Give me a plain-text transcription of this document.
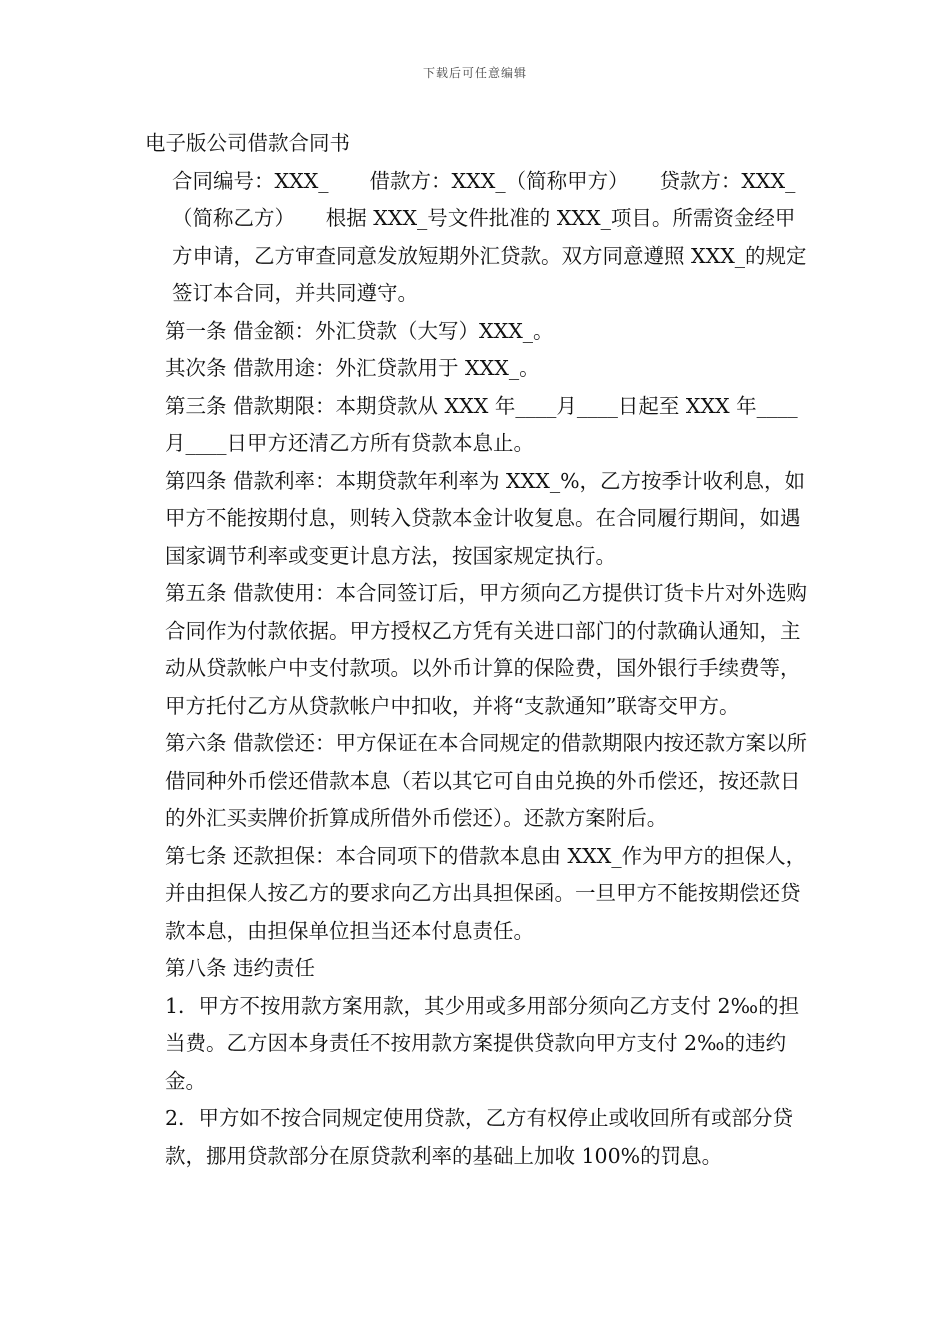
下载后可任意编辑

电子版公司借款合同书

合同编号：XXX_　　借款方：XXX_（简称甲方）　　贷款方：XXX_（简称乙方）　　根据 XXX_号文件批准的 XXX_项目。所需资金经甲方申请，乙方审查同意发放短期外汇贷款。双方同意遵照 XXX_的规定签订本合同，并共同遵守。

第一条 借金额：外汇贷款（大写）XXX_。

其次条 借款用途：外汇贷款用于 XXX_。

第三条 借款期限：本期贷款从 XXX 年____月____日起至 XXX 年____月____日甲方还清乙方所有贷款本息止。

第四条 借款利率：本期贷款年利率为 XXX_%，乙方按季计收利息，如甲方不能按期付息，则转入贷款本金计收复息。在合同履行期间，如遇国家调节利率或变更计息方法，按国家规定执行。

第五条 借款使用：本合同签订后，甲方须向乙方提供订货卡片对外选购合同作为付款依据。甲方授权乙方凭有关进口部门的付款确认通知，主动从贷款帐户中支付款项。以外币计算的保险费，国外银行手续费等，甲方托付乙方从贷款帐户中扣收，并将“支款通知”联寄交甲方。

第六条 借款偿还：甲方保证在本合同规定的借款期限内按还款方案以所借同种外币偿还借款本息（若以其它可自由兑换的外币偿还，按还款日的外汇买卖牌价折算成所借外币偿还）。还款方案附后。

第七条 还款担保：本合同项下的借款本息由 XXX_作为甲方的担保人，并由担保人按乙方的要求向乙方出具担保函。一旦甲方不能按期偿还贷款本息，由担保单位担当还本付息责任。

第八条 违约责任

1．甲方不按用款方案用款，其少用或多用部分须向乙方支付 2‰的担当费。乙方因本身责任不按用款方案提供贷款向甲方支付 2‰的违约金。

2．甲方如不按合同规定使用贷款，乙方有权停止或收回所有或部分贷款，挪用贷款部分在原贷款利率的基础上加收 100%的罚息。
